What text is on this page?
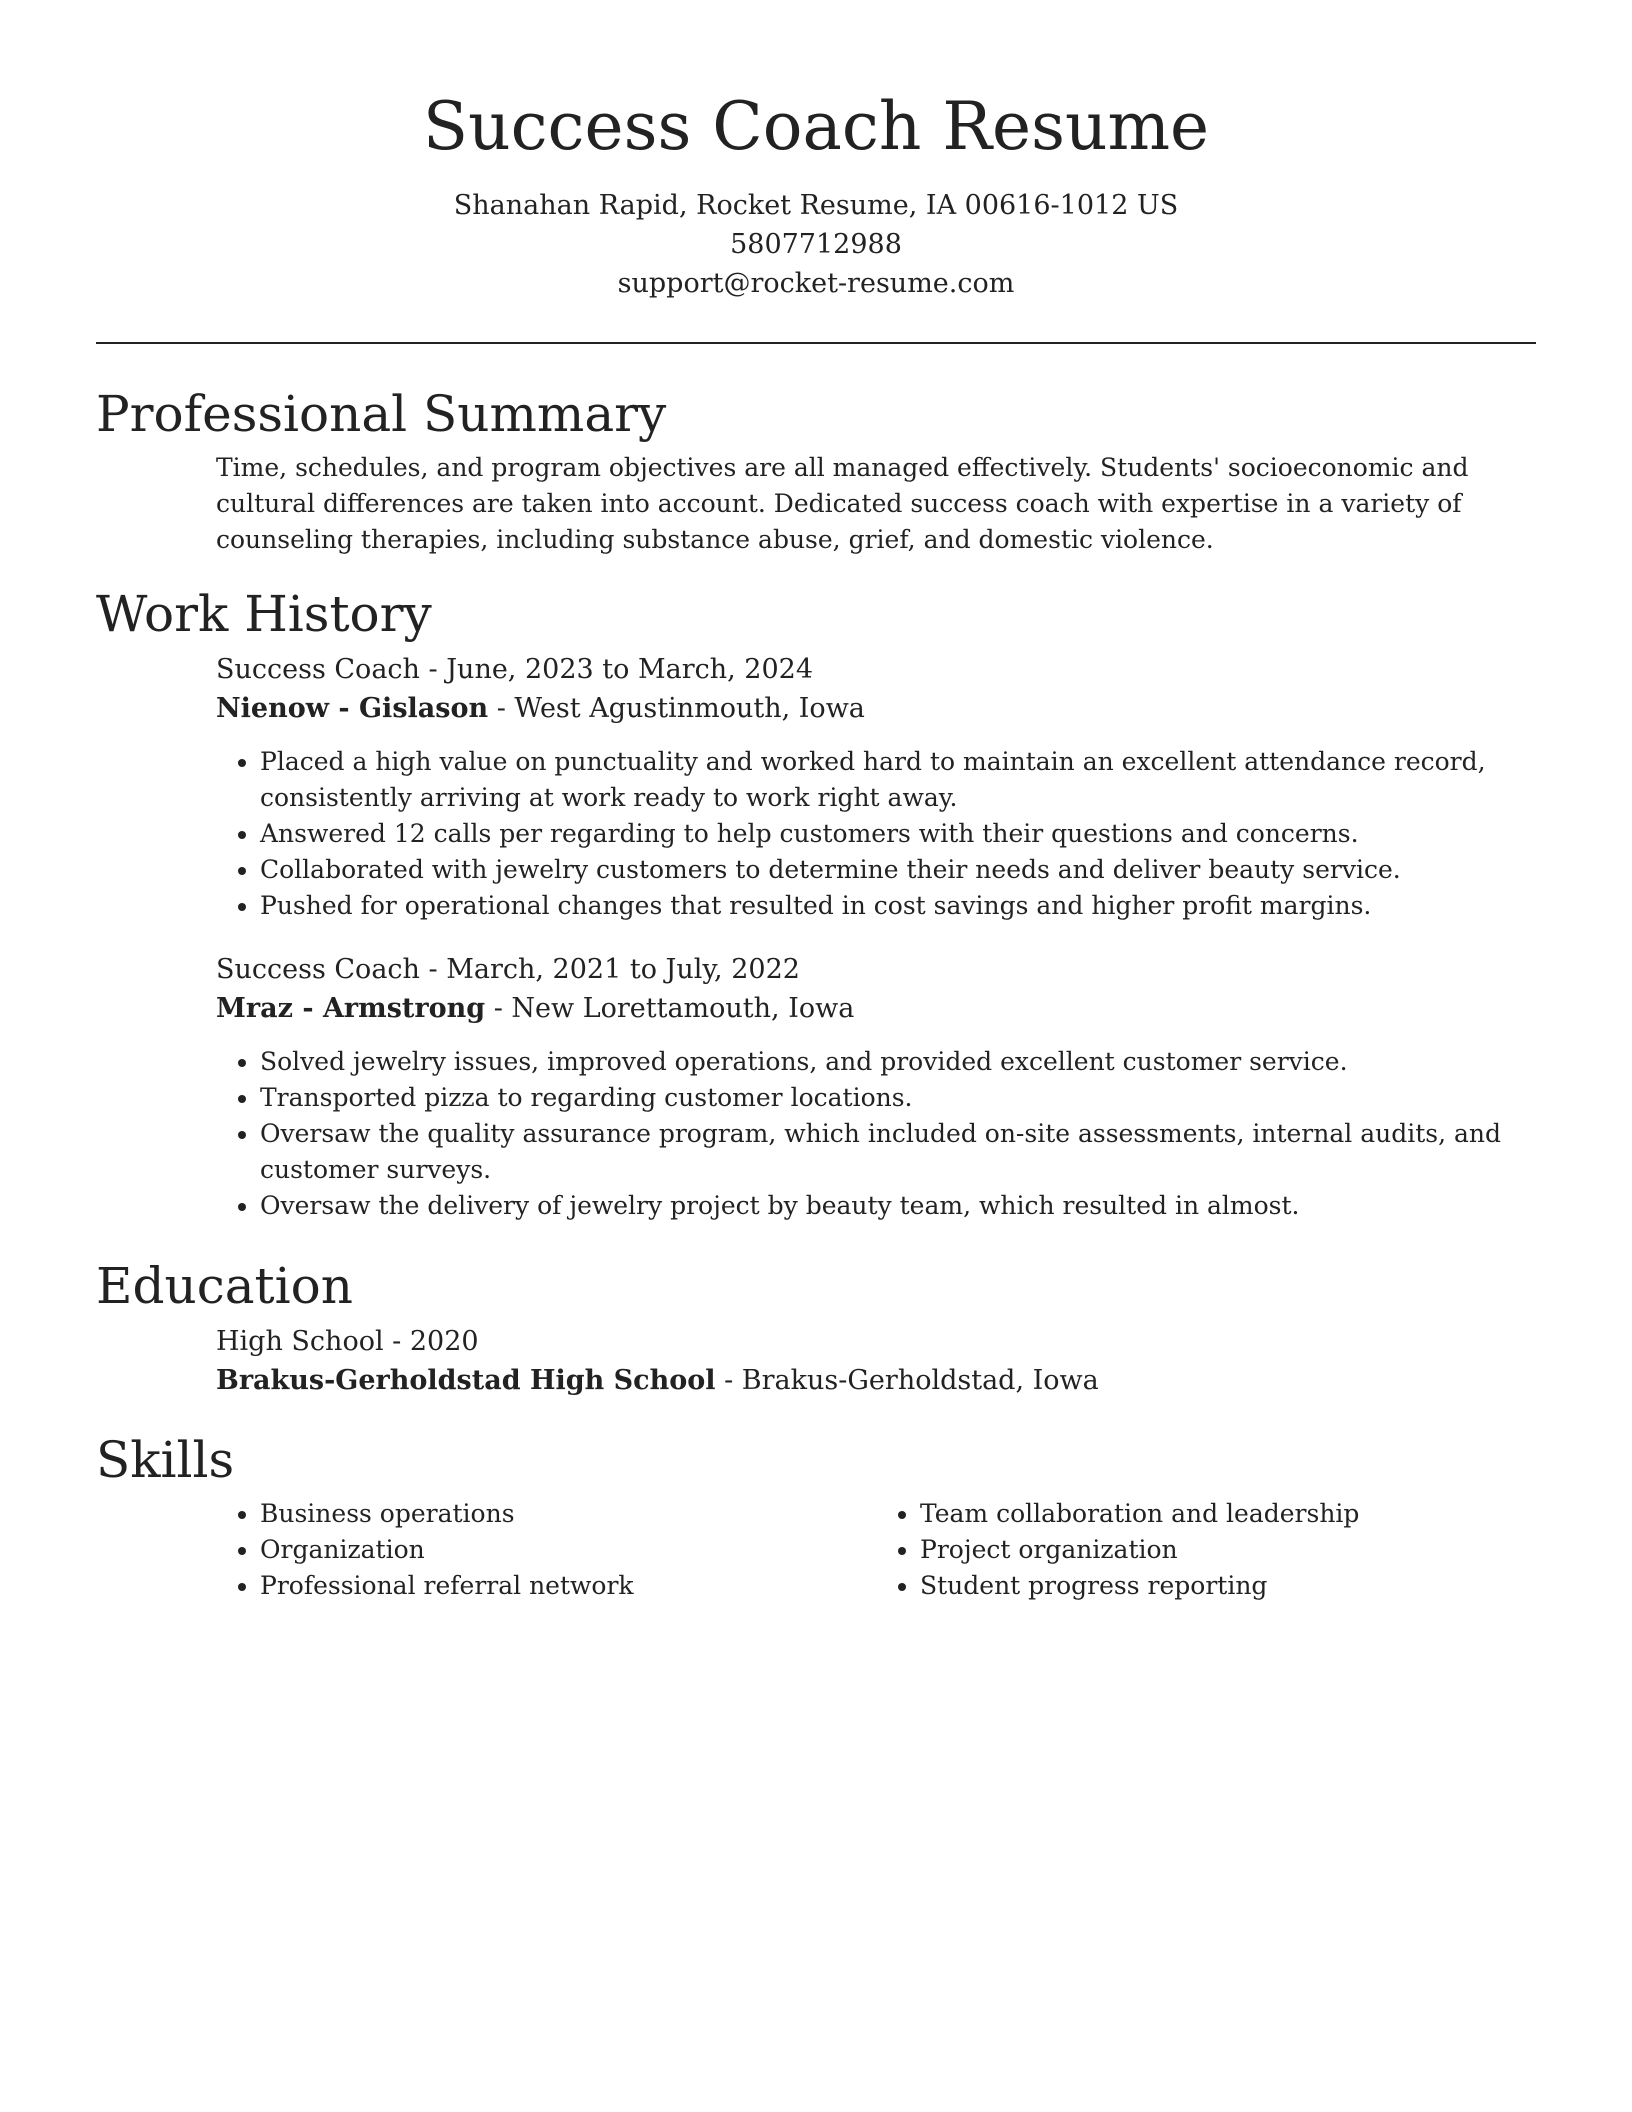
Success Coach Resume
Shanahan Rapid, Rocket Resume, IA 00616-1012 US
5807712988
support@rocket-resume.com
Professional Summary

Time, schedules, and program objectives are all managed effectively. Students' socioeconomic and cultural differences are taken into account. Dedicated success coach with expertise in a variety of counseling therapies, including substance abuse, grief, and domestic violence.

Work History
Success Coach - June, 2023 to March, 2024
Nienow - Gislason - West Agustinmouth, Iowa
• Placed a high value on punctuality and worked hard to maintain an excellent attendance record, consistently arriving at work ready to work right away.
• Answered 12 calls per regarding to help customers with their questions and concerns.
• Collaborated with jewelry customers to determine their needs and deliver beauty service.
• Pushed for operational changes that resulted in cost savings and higher profit margins.
Success Coach - March, 2021 to July, 2022
Mraz - Armstrong - New Lorettamouth, Iowa
• Solved jewelry issues, improved operations, and provided excellent customer service.
• Transported pizza to regarding customer locations.
• Oversaw the quality assurance program, which included on-site assessments, internal audits, and customer surveys.
• Oversaw the delivery of jewelry project by beauty team, which resulted in almost.
Education
High School - 2020
Brakus-Gerholdstad High School - Brakus-Gerholdstad, Iowa
Skills
• Business operations
• Organization
• Professional referral network
• Team collaboration and leadership
• Project organization
• Student progress reporting
